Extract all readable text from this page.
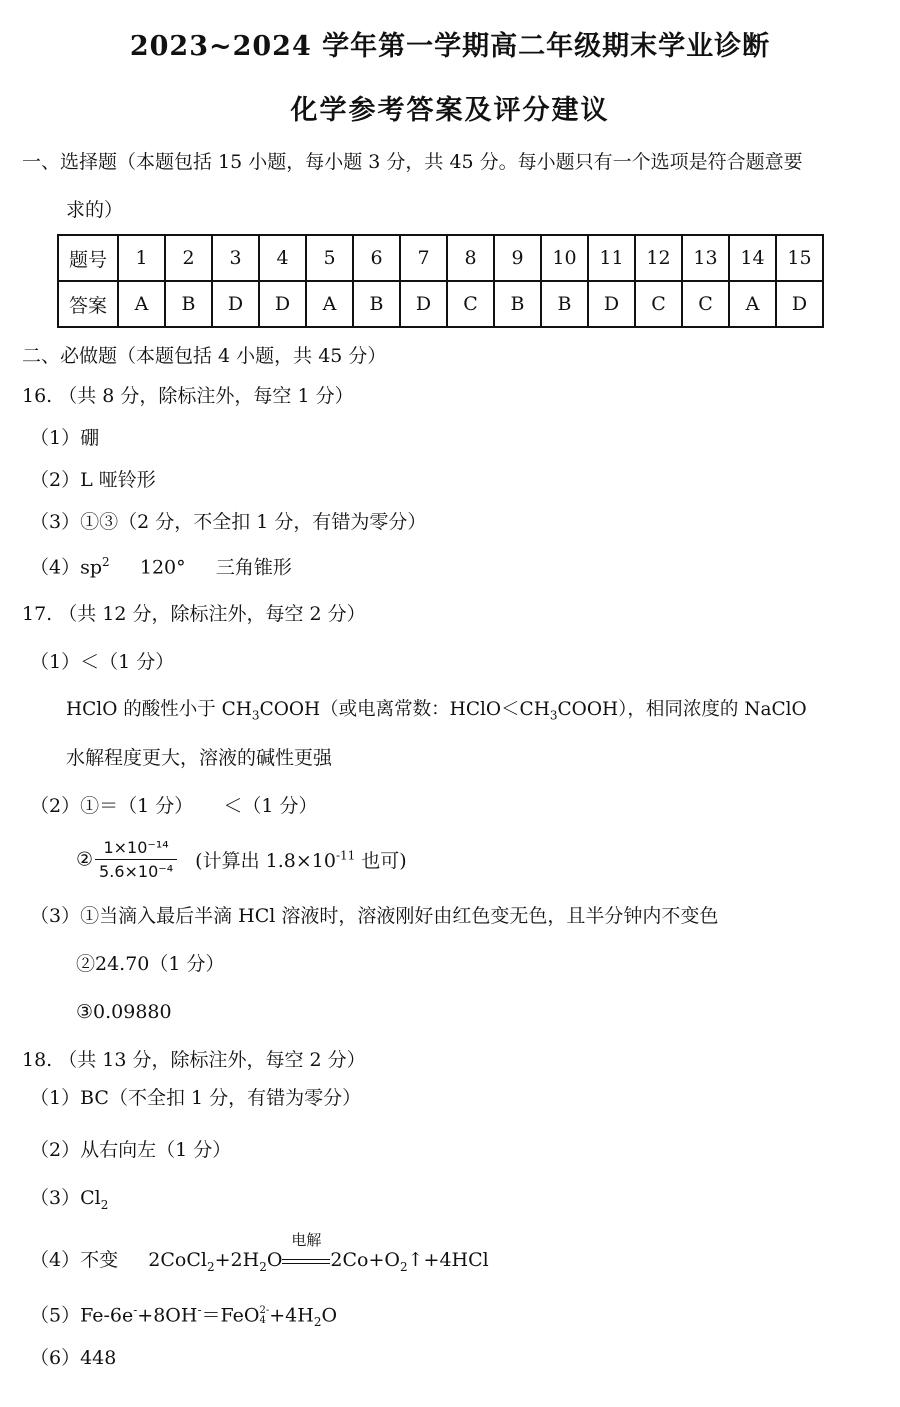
2023~2024 学年第一学期高二年级期末学业诊断
化学参考答案及评分建议
一、选择题（本题包括 15 小题，每小题 3 分，共 45 分。每小题只有一个选项是符合题意要
求的）
题号	1	2	3	4	5	6	7	8	9	10	11	12	13	14	15
答案	A	B	D	D	A	B	D	C	B	B	D	C	C	A	D
二、必做题（本题包括 4 小题，共 45 分）
16. （共 8 分，除标注外，每空 1 分）
（1）硼
（2）L 哑铃形
（3）①③（2 分，不全扣 1 分，有错为零分）
$(4)sp^2$     120°     三角锥形
17. （共 12 分，除标注外，每空 2 分）
（1）＜（1 分）
HClO 的酸性小于 $CH_3COOH$（或电离常数：$HClO<CH_3COOH$），相同浓度的 NaClO
水解程度更大，溶液的碱性更强
（2）①＝（1 分）     ＜（1 分）
② $\frac{\text{1×10⁻¹⁴}}{\text{5.6×10⁻⁴}}$ (计算出 $1.8\times 10^{-11}$ 也可)
（3）①当滴入最后半滴 HCl 溶液时，溶液刚好由红色变无色，且半分钟内不变色
②24.70（1 分）
③0.09880
18. （共 13 分，除标注外，每空 2 分）
（1）BC（不全扣 1 分，有错为零分）
（2）从右向左（1 分）
$(3)Cl_2$
（4）不变     $2CoCl_2+2H_2O$
电解
$2Co+O_2↑+4HCl$
（5）Fe-6e-+8OH-＝FeO 2-
$4 +4H_2O$
（6）448
